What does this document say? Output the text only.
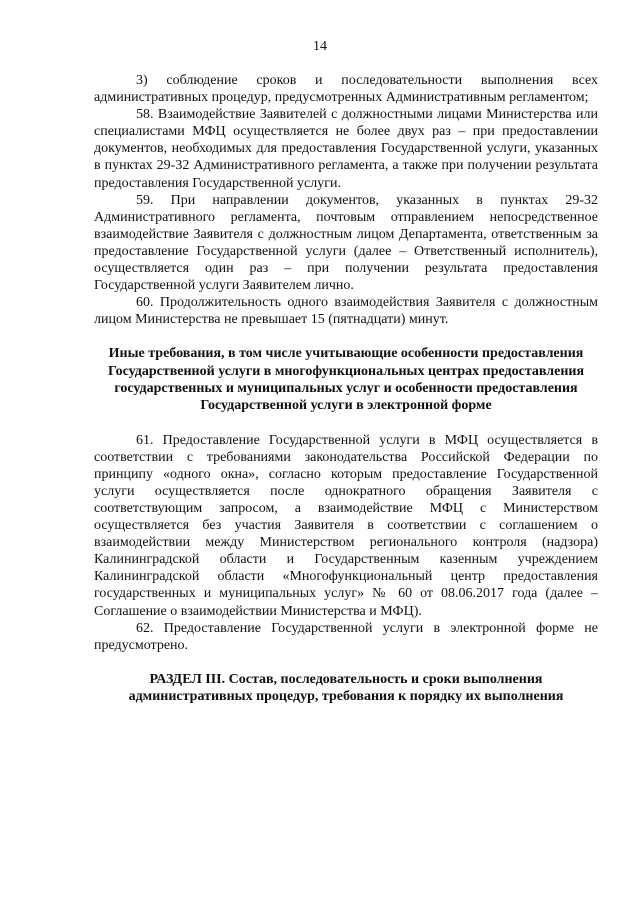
14

3) соблюдение сроков и последовательности выполнения всех административных процедур, предусмотренных Административным регламентом;

58. Взаимодействие Заявителей с должностными лицами Министерства или специалистами МФЦ осуществляется не более двух раз – при предоставлении документов, необходимых для предоставления Государственной услуги, указанных в пунктах 29-32 Административного регламента, а также при получении результата предоставления Государственной услуги.

59. При направлении документов, указанных в пунктах 29-32 Административного регламента, почтовым отправлением непосредственное взаимодействие Заявителя с должностным лицом Департамента, ответственным за предоставление Государственной услуги (далее – Ответственный исполнитель), осуществляется один раз – при получении результата предоставления Государственной услуги Заявителем лично.

60. Продолжительность одного взаимодействия Заявителя с должностным лицом Министерства не превышает 15 (пятнадцати) минут.

Иные требования, в том числе учитывающие особенности предоставления Государственной услуги в многофункциональных центрах предоставления государственных и муниципальных услуг и особенности предоставления Государственной услуги в электронной форме

61. Предоставление Государственной услуги в МФЦ осуществляется в соответствии с требованиями законодательства Российской Федерации по принципу «одного окна», согласно которым предоставление Государственной услуги осуществляется после однократного обращения Заявителя с соответствующим запросом, а взаимодействие МФЦ с Министерством осуществляется без участия Заявителя в соответствии с соглашением о взаимодействии между Министерством регионального контроля (надзора) Калининградской области и Государственным казенным учреждением Калининградской области «Многофункциональный центр предоставления государственных и муниципальных услуг» № 60 от 08.06.2017 года (далее – Соглашение о взаимодействии Министерства и МФЦ).

62. Предоставление Государственной услуги в электронной форме не предусмотрено.

РАЗДЕЛ III. Состав, последовательность и сроки выполнения административных процедур, требования к порядку их выполнения
